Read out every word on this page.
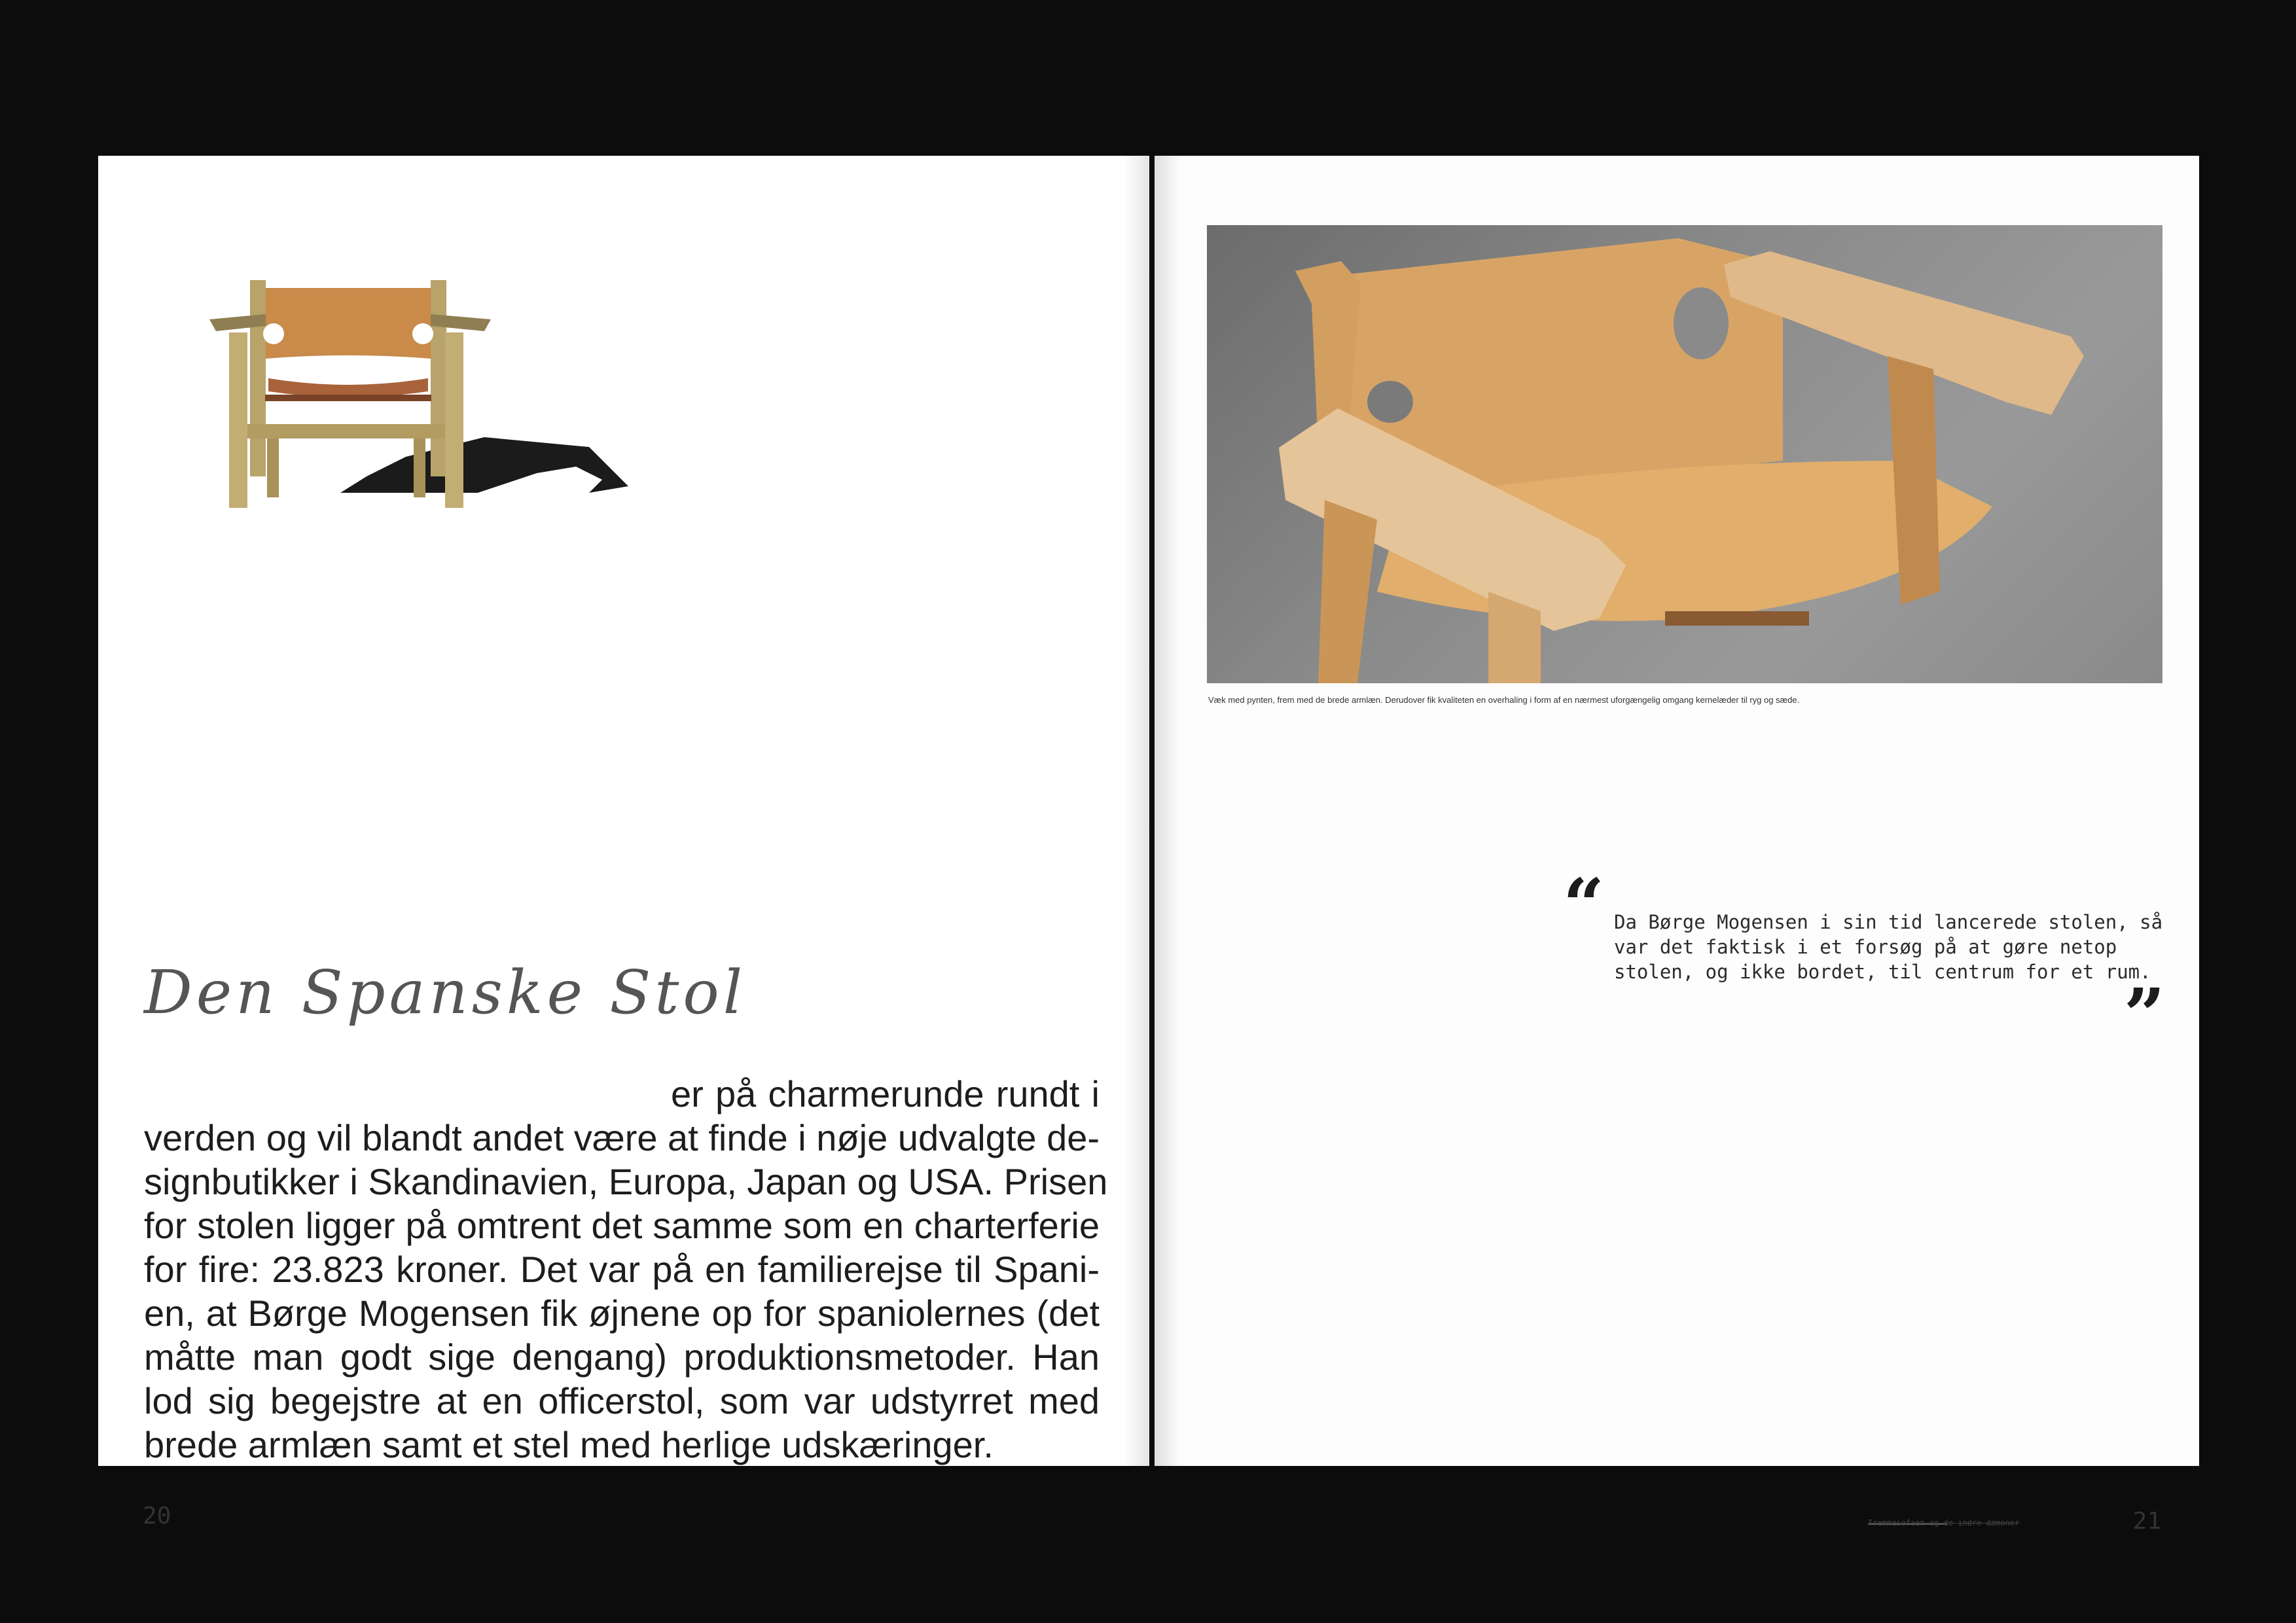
Den Spanske Stol

er på charmerunde rundt i
verden og vil blandt andet være at finde i nøje udvalgte de-
signbutikker i Skandinavien, Europa, Japan og USA. Prisen
for stolen ligger på omtrent det samme som en charterferie
for fire: 23.823 kroner. Det var på en familierejse til Spani-
en, at Børge Mogensen fik øjnene op for spaniolernes (det
måtte man godt sige dengang) produktionsmetoder. Han
lod sig begejstre at en officerstol, som var udstyrret med
brede armlæn samt et stel med herlige udskæringer.

20
Væk med pynten, frem med de brede armlæn. Derudover fik kvaliteten en overhaling i form af en nærmest uforgængelig omgang kernelæder til ryg og sæde.
“ Da Børge Mogensen i sin tid lancerede stolen, så var det faktisk i et forsøg på at gøre netop stolen, og ikke bordet, til centrum for et rum.

”
Tremmesofaen og de indre dæmoner	21
